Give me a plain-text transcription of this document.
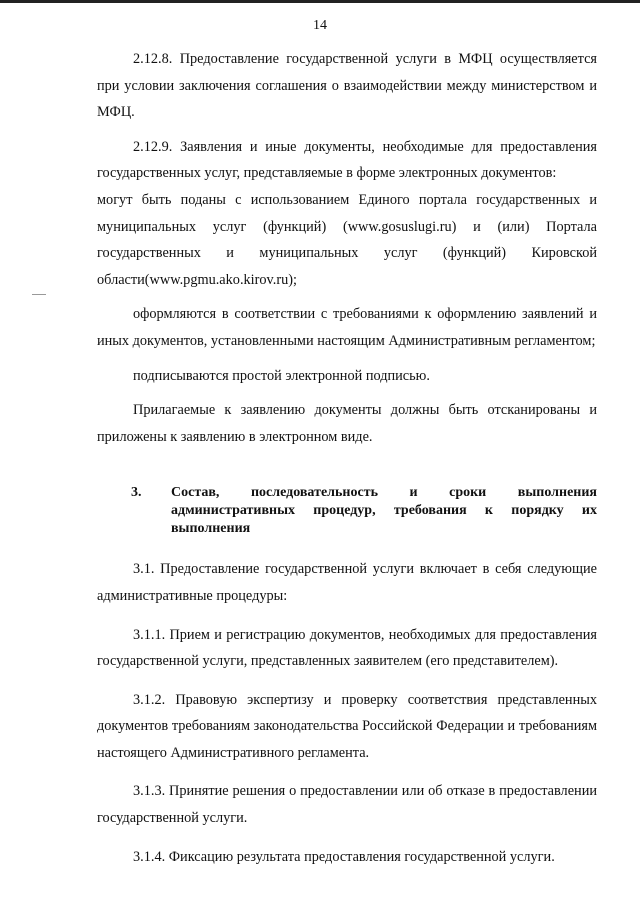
14

2.12.8. Предоставление государственной услуги в МФЦ осуществляется при условии заключения соглашения о взаимодействии между министерством и МФЦ.

2.12.9. Заявления и иные документы, необходимые для предоставления государственных услуг, представляемые в форме электронных документов:

могут быть поданы с использованием Единого портала государственных и муниципальных услуг (функций) (www.gosuslugi.ru) и (или) Портала государственных и муниципальных услуг (функций) Кировской области(www.pgmu.ako.kirov.ru);

оформляются в соответствии с требованиями к оформлению заявлений и иных документов, установленными настоящим Административным регламентом;

подписываются простой электронной подписью.

Прилагаемые к заявлению документы должны быть отсканированы и приложены к заявлению в электронном виде.

3.	Состав, последовательность и сроки выполнения административных процедур, требования к порядку их выполнения

3.1. Предоставление государственной услуги включает в себя следующие административные процедуры:

3.1.1. Прием и регистрацию документов, необходимых для предоставления государственной услуги, представленных заявителем (его представителем).

3.1.2. Правовую экспертизу и проверку соответствия представленных документов требованиям законодательства Российской Федерации и требованиям настоящего Административного регламента.

3.1.3. Принятие решения о предоставлении или об отказе в предоставлении государственной услуги.

3.1.4. Фиксацию результата предоставления государственной услуги.
